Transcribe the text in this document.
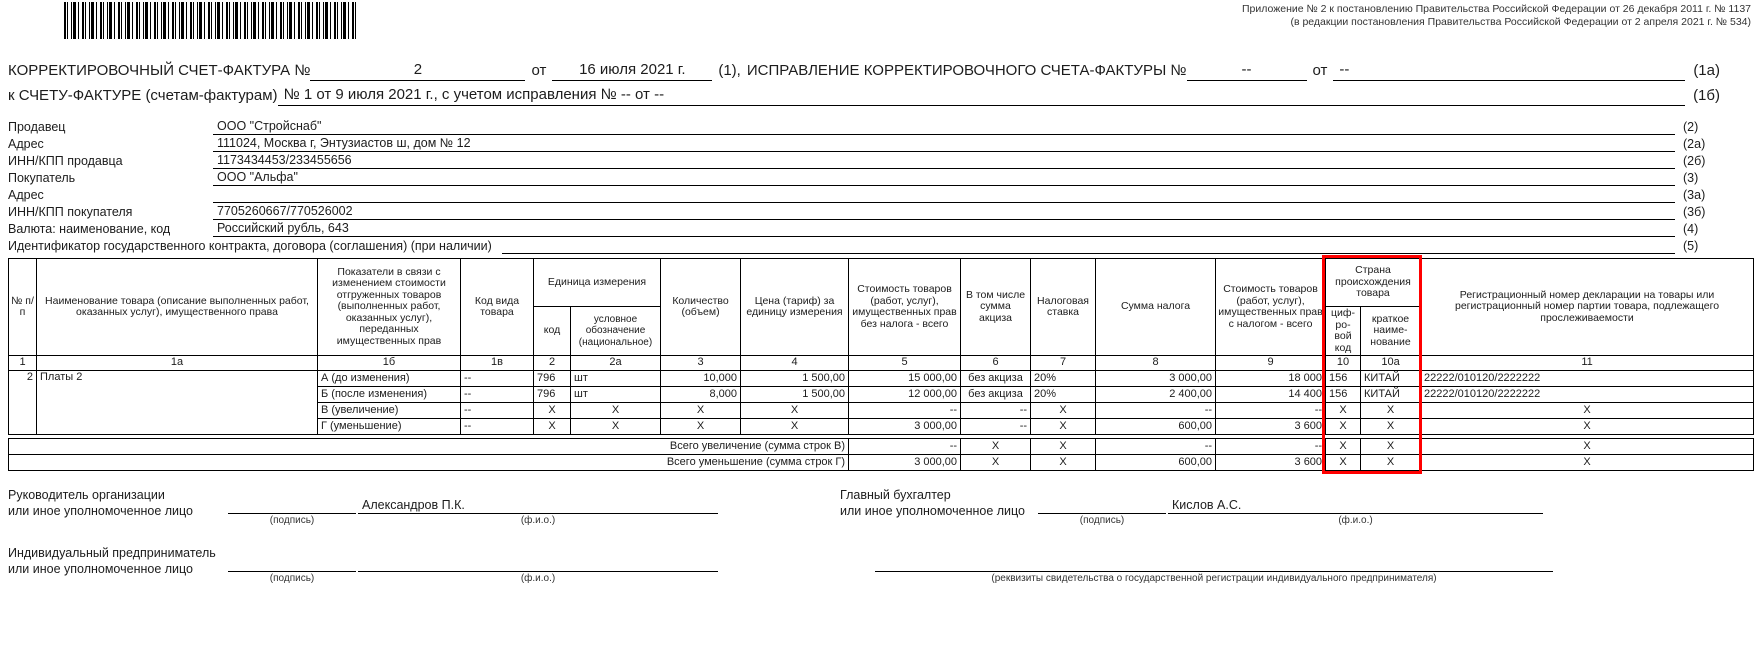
Приложение № 2 к постановлению Правительства Российской Федерации от 26 декабря 2011 г. № 1137
(в редакции постановления Правительства Российской Федерации от 2 апреля 2021 г. № 534)
КОРРЕКТИРОВОЧНЫЙ СЧЕТ-ФАКТУРА №	2	от	16 июля 2021 г.	(1), ИСПРАВЛЕНИЕ КОРРЕКТИРОВОЧНОГО СЧЕТА-ФАКТУРЫ №	--	от --	(1а)
к СЧЕТУ-ФАКТУРЕ (счетам-фактурам) № 1 от 9 июля 2021 г., с учетом исправления № -- от --	(1б)
Продавец	ООО "Стройснаб"	(2)
Адрес	111024, Москва г, Энтузиастов ш, дом № 12	(2а)
ИНН/КПП продавца	1173434453/233455656	(2б)
Покупатель	ООО "Альфа"	(3)
Адрес	(3а)
ИНН/КПП покупателя	7705260667/770526002	(3б)
Валюта: наименование, код	Российский рубль, 643	(4)
Идентификатор государственного контракта, договора (соглашения) (при наличии)	(5)
№ п/п	Наименование товара (описание выполненных работ, оказанных услуг), имущественного права	Показатели в связи с изменением стоимости отгруженных товаров (выполненных работ, оказанных услуг), переданных имущественных прав	Код вида товара	Единица измерения		Количество (объем)	Цена (тариф) за единицу измерения	Стоимость товаров (работ, услуг), имущественных прав без налога - всего	В том числе сумма акциза	Налоговая ставка	Сумма налога	Стоимость товаров (работ, услуг), имущественных прав с налогом - всего	Страна происхождения товара		Регистрационный номер декларации на товары или регистрационный номер партии товара, подлежащего прослеживаемости
				код	условное обозначение (национальное)								циф-ро-вой код	краткое наиме-нование	
1	1а	1б	1в	2	2а	3	4	5	6	7	8	9	10	10а	11
2	Платы 2	А (до изменения)	--	796	шт	10,000	1 500,00	15 000,00	без акциза	20%	3 000,00	18 000	156	КИТАЙ	22222/010120/2222222
		Б (после изменения)	--	796	шт	8,000	1 500,00	12 000,00	без акциза	20%	2 400,00	14 400	156	КИТАЙ	22222/010120/2222222
		В (увеличение)	--	X	X	X	X	--	--	X	--	--	X	X	X
		Г (уменьшение)	--	X	X	X	X	3 000,00	--	X	600,00	3 600	X	X	X
Всего увеличение (сумма строк В)	--	X	X	--	--	X	X	X
Всего уменьшение (сумма строк Г)	3 000,00	X	X	600,00	3 600	X	X	X
Руководитель организации
или иное уполномоченное лицо
(подпись)
Александров П.К.
(ф.и.о.)
Главный бухгалтер
или иное уполномоченное лицо
(подпись)
Кислов А.С.
(ф.и.о.)
Индивидуальный предприниматель
или иное уполномоченное лицо
(подпись)	(ф.и.о.)	(реквизиты свидетельства о государственной регистрации индивидуального предпринимателя)
